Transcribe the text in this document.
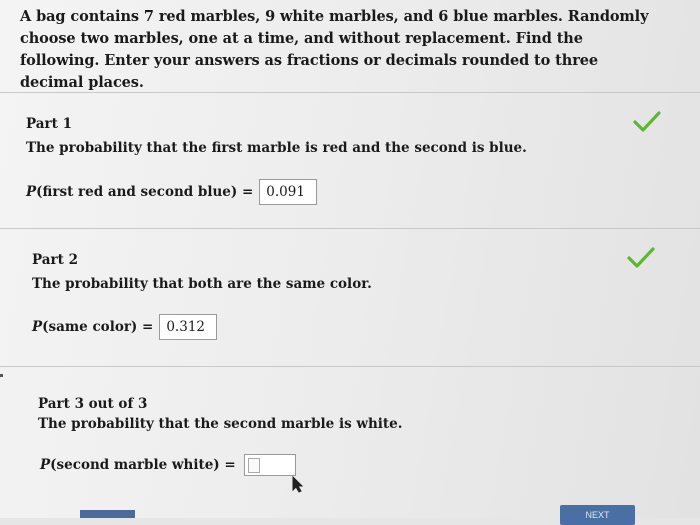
A bag contains 7 red marbles, 9 white marbles, and 6 blue marbles. Randomly choose two marbles, one at a time, and without replacement. Find the following. Enter your answers as fractions or decimals rounded to three decimal places.
Part 1
The probability that the first marble is red and the second is blue.
P (first red and second blue) = 0.091
Part 2
The probability that both are the same color.
P (same color) = 0.312
Part 3 out of 3
The probability that the second marble is white.
P (second marble white) =
NEXT
